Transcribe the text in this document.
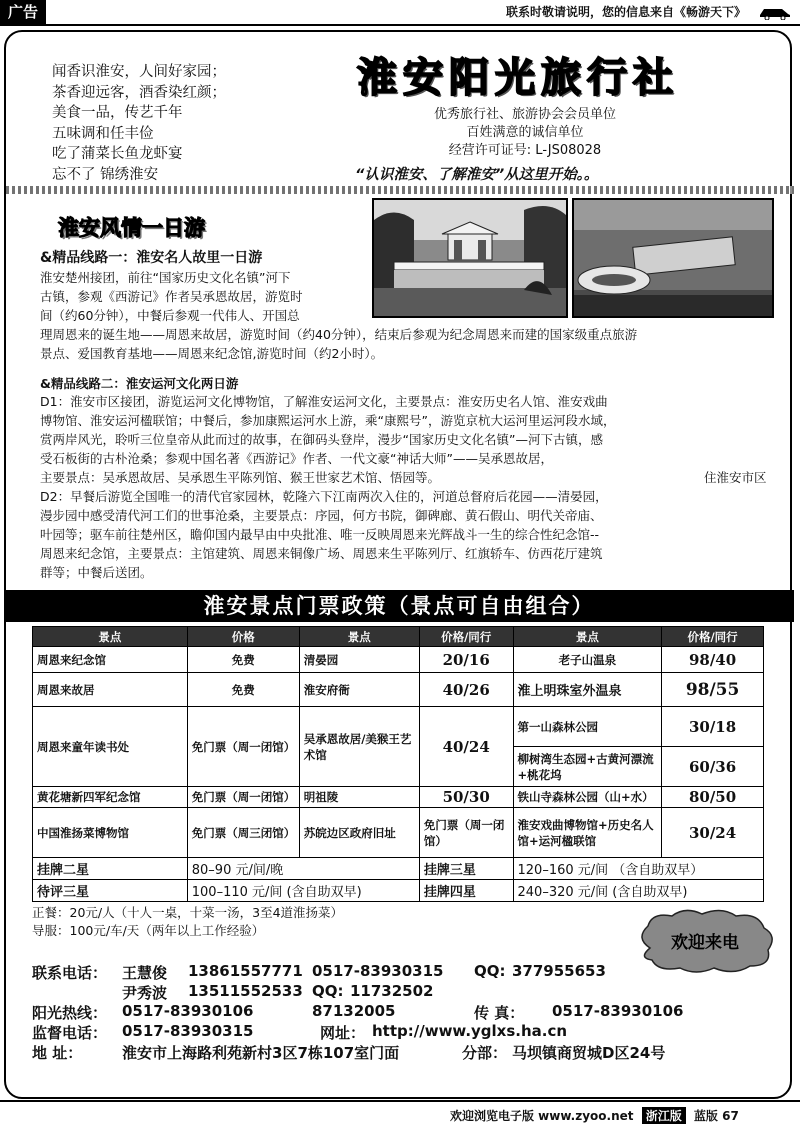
广告	联系时敬请说明，您的信息来自《畅游天下》
闻香识淮安，人间好家园；
茶香迎远客，酒香染红颜；
美食一品，传艺千年
五味调和任丰俭
吃了蒲菜长鱼龙虾宴
忘不了 锦绣淮安
淮安阳光旅行社
优秀旅行社、旅游协会会员单位
百姓满意的诚信单位
经营许可证号: L-JS08028
“认识淮安、了解淮安”从这里开始。。
淮安风情一日游
&精品线路一：淮安名人故里一日游
淮安楚州接团，前往“国家历史文化名镇”河下
古镇，参观《西游记》作者吴承恩故居，游览时
间（约60分钟），中餐后参观一代伟人、开国总
理周恩来的诞生地——周恩来故居，游览时间（约40分钟），结束后参观为纪念周恩来而建的国家级重点旅游
景点、爱国教育基地——周恩来纪念馆,游览时间（约2小时）。
&精品线路二：淮安运河文化两日游
D1：淮安市区接团，游览运河文化博物馆，了解淮安运河文化，主要景点：淮安历史名人馆、淮安戏曲
博物馆、淮安运河楹联馆；中餐后，参加康熙运河水上游，乘“康熙号”，游览京杭大运河里运河段水域，
赏两岸风光，聆听三位皇帝从此而过的故事，在御码头登岸，漫步“国家历史文化名镇”—河下古镇，感
受石板街的古朴沧桑；参观中国名著《西游记》作者、一代文豪“神话大师”——吴承恩故居，
主要景点：吴承恩故居、吴承恩生平陈列馆、猴王世家艺术馆、悟园等。
D2：早餐后游览全国唯一的清代官家园林，乾隆六下江南两次入住的，河道总督府后花园——清晏园，
漫步园中感受清代河工们的世事沧桑，主要景点：序园，何方书院，御碑廊、黄石假山、明代关帝庙、
叶园等；驱车前往楚州区，瞻仰国内最早由中央批准、唯一反映周恩来光辉战斗一生的综合性纪念馆--
周恩来纪念馆，主要景点：主馆建筑、周恩来铜像广场、周恩来生平陈列厅、红旗轿车、仿西花厅建筑
群等；中餐后送团。
住淮安市区
淮安景点门票政策（景点可自由组合）
景点	价格	景点	价格/同行	景点	价格/同行
周恩来纪念馆	免费	清晏园	20/16	老子山温泉	98/40
周恩来故居	免费	淮安府衙	40/26	淮上明珠室外温泉	98/55
周恩来童年读书处	免门票（周一闭馆）	吴承恩故居/美猴王艺术馆	40/24	第一山森林公园	30/18
				柳树湾生态园+古黄河漂流+桃花坞	60/36
黄花塘新四军纪念馆	免门票（周一闭馆）	明祖陵	50/30	铁山寺森林公园（山+水）	80/50
中国淮扬菜博物馆	免门票（周三闭馆）	苏皖边区政府旧址	免门票（周一闭馆）	淮安戏曲博物馆+历史名人馆+运河楹联馆	30/24
挂牌二星	80–90 元/间/晚		挂牌三星	120–160 元/间 （含自助双早）	
待评三星	100–110 元/间 (含自助双早)		挂牌四星	240–320 元/间 (含自助双早)	
正餐：20元/人（十人一桌，十菜一汤，3至4道淮扬菜）
导服：100元/车/天（两年以上工作经验）
欢迎来电
联系电话： 王慧俊 13861557771 0517-83930315 QQ: 377955653
尹秀波 13511552533 QQ: 11732502
阳光热线： 0517-83930106	87132005	传 真： 0517-83930106
监督电话： 0517-83930315	网址： http://www.yglxs.ha.cn
地 址：	淮安市上海路利苑新村3区7栋107室门面	分部： 马坝镇商贸城D区24号
欢迎浏览电子版 www.zyoo.net 浙江版 蓝版 67
